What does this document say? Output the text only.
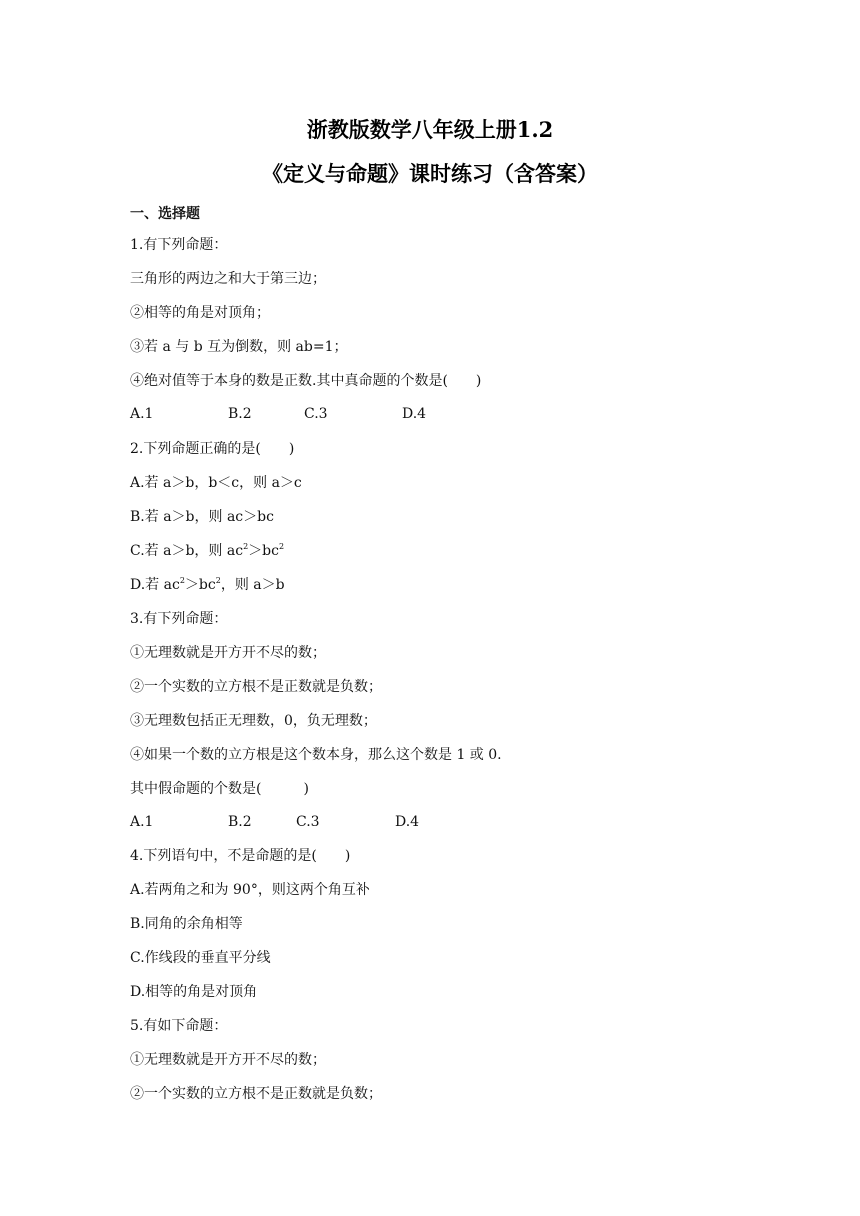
浙教版数学八年级上册1.2
《定义与命题》课时练习（含答案）
一、选择题
1.有下列命题：
三角形的两边之和大于第三边；
②相等的角是对顶角；
③若 a 与 b 互为倒数，则 ab=1；
④绝对值等于本身的数是正数.其中真命题的个数是(　　)
A.1	B.2	C.3	D.4
2.下列命题正确的是(　　)
A.若 a＞b，b＜c，则 a＞c
B.若 a＞b，则 ac＞bc
C.若 a＞b，则 $ac^2>bc^2$
D.若 $ac^2>bc^2$，则 a＞b
3.有下列命题：
①无理数就是开方开不尽的数；
②一个实数的立方根不是正数就是负数；
③无理数包括正无理数，0，负无理数；
④如果一个数的立方根是这个数本身，那么这个数是 1 或 0.
其中假命题的个数是(　　　)
A.1	B.2	C.3	D.4
4.下列语句中，不是命题的是(　　)
A.若两角之和为 90°，则这两个角互补
B.同角的余角相等
C.作线段的垂直平分线
D.相等的角是对顶角
5.有如下命题：
①无理数就是开方开不尽的数；
②一个实数的立方根不是正数就是负数；
